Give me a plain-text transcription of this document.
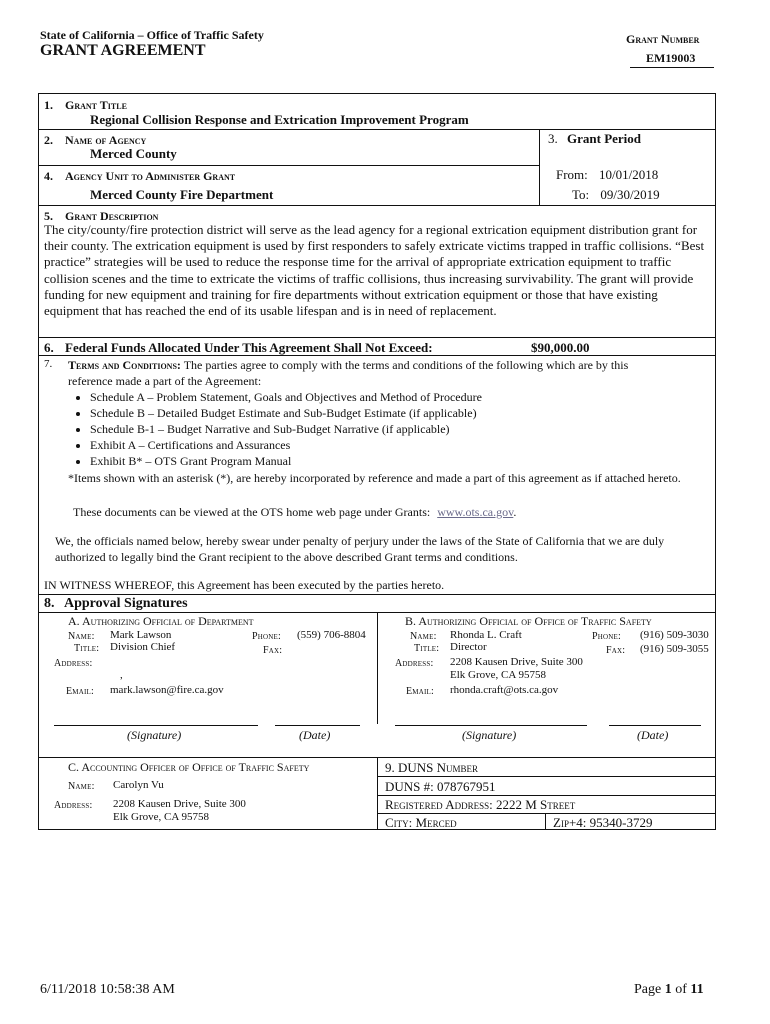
State of California – Office of Traffic Safety
GRANT AGREEMENT
Grant Number
EM19003
1. Grant Title
Regional Collision Response and Extrication Improvement Program
2. Name of Agency
Merced County
3. Grant Period
4. Agency Unit to Administer Grant
Merced County Fire Department
From: 10/01/2018
To: 09/30/2019
5. Grant Description
The city/county/fire protection district will serve as the lead agency for a regional extrication equipment distribution grant for their county. The extrication equipment is used by first responders to safely extricate victims trapped in traffic collisions. “Best practice” strategies will be used to reduce the response time for the arrival of appropriate extrication equipment to traffic collision scenes and the time to extricate the victims of traffic collisions, thus increasing survivability. The grant will provide funding for new equipment and training for fire departments without extrication equipment or those that have existing equipment that has reached the end of its usable lifespan and is in need of replacement.
6. Federal Funds Allocated Under This Agreement Shall Not Exceed:	$90,000.00
7. Terms and Conditions: The parties agree to comply with the terms and conditions of the following which are by this
reference made a part of the Agreement:
• Schedule A – Problem Statement, Goals and Objectives and Method of Procedure
• Schedule B – Detailed Budget Estimate and Sub-Budget Estimate (if applicable)
• Schedule B-1 – Budget Narrative and Sub-Budget Narrative (if applicable)
• Exhibit A – Certifications and Assurances
• Exhibit B* – OTS Grant Program Manual
*Items shown with an asterisk (*), are hereby incorporated by reference and made a part of this agreement as if attached hereto.
These documents can be viewed at the OTS home web page under Grants: www.ots.ca.gov.
We, the officials named below, hereby swear under penalty of perjury under the laws of the State of California that we are duly authorized to legally bind the Grant recipient to the above described Grant terms and conditions.
IN WITNESS WHEREOF, this Agreement has been executed by the parties hereto.
8. Approval Signatures
A. Authorizing Official of Department
Name: Mark Lawson	Phone: (559) 706-8804
Title: Division Chief	Fax:
Address:
,
Email: mark.lawson@fire.ca.gov
B. Authorizing Official of Office of Traffic Safety
Name: Rhonda L. Craft	Phone: (916) 509-3030
Title: Director	Fax: (916) 509-3055
Address: 2208 Kausen Drive, Suite 300
Elk Grove, CA 95758
Email: rhonda.craft@ots.ca.gov
(Signature)	(Date)	(Signature)	(Date)
C. Accounting Officer of Office of Traffic Safety
Name: Carolyn Vu
Address: 2208 Kausen Drive, Suite 300
Elk Grove, CA 95758
9. DUNS Number
DUNS #: 078767951
Registered Address: 2222 M Street
City: Merced	Zip+4: 95340-3729
6/11/2018 10:58:38 AM	Page 1 of 11
